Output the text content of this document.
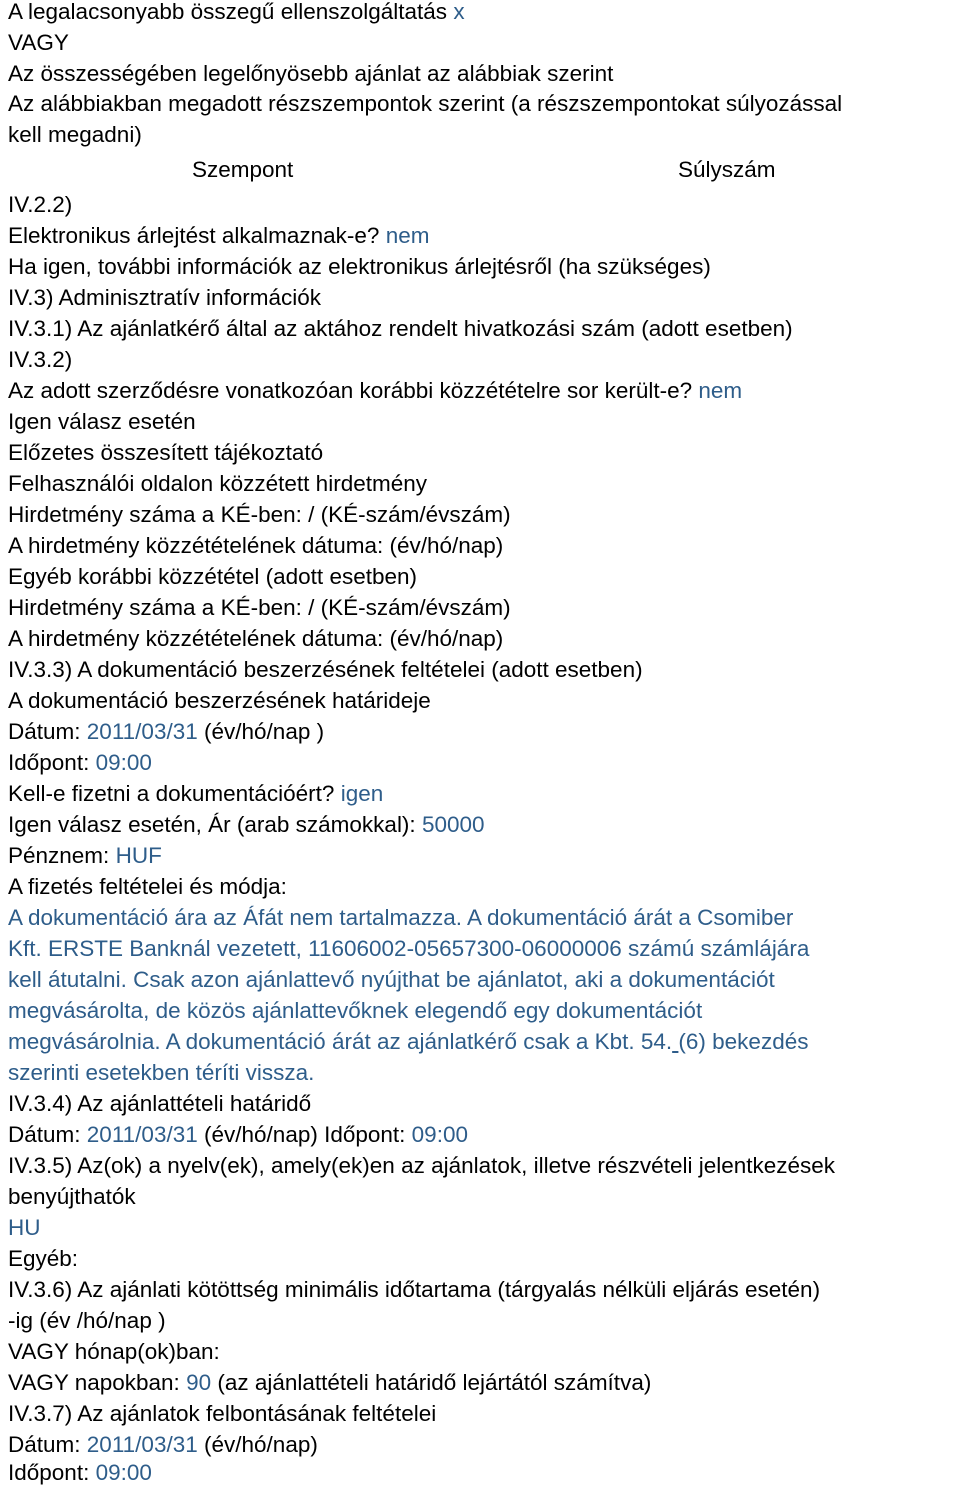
A legalacsonyabb összegű ellenszolgáltatás x
VAGY
Az összességében legelőnyösebb ajánlat az alábbiak szerint
Az alábbiakban megadott részszempontok szerint (a részszempontokat súlyozással
kell megadni)
Szempont	Súlyszám
IV.2.2)
Elektronikus árlejtést alkalmaznak-e? nem
Ha igen, további információk az elektronikus árlejtésről (ha szükséges)
IV.3) Adminisztratív információk
IV.3.1) Az ajánlatkérő által az aktához rendelt hivatkozási szám (adott esetben)
IV.3.2)
Az adott szerződésre vonatkozóan korábbi közzétételre sor került-e? nem
Igen válasz esetén
Előzetes összesített tájékoztató
Felhasználói oldalon közzétett hirdetmény
Hirdetmény száma a KÉ-ben: / (KÉ-szám/évszám)
A hirdetmény közzétételének dátuma: (év/hó/nap)
Egyéb korábbi közzététel (adott esetben)
Hirdetmény száma a KÉ-ben: / (KÉ-szám/évszám)
A hirdetmény közzétételének dátuma: (év/hó/nap)
IV.3.3) A dokumentáció beszerzésének feltételei (adott esetben)
A dokumentáció beszerzésének határideje
Dátum: 2011/03/31 (év/hó/nap )
Időpont: 09:00
Kell-e fizetni a dokumentációért? igen
Igen válasz esetén, Ár (arab számokkal): 50000
Pénznem: HUF
A fizetés feltételei és módja:
A dokumentáció ára az Áfát nem tartalmazza. A dokumentáció árát a Csomiber
Kft. ERSTE Banknál vezetett, 11606002-05657300-06000006 számú számlájára
kell átutalni. Csak azon ajánlattevő nyújthat be ajánlatot, aki a dokumentációt
megvásárolta, de közös ajánlattevőknek elegendő egy dokumentációt
megvásárolnia. A dokumentáció árát az ajánlatkérő csak a Kbt. 54. (6) bekezdés
szerinti esetekben téríti vissza.
IV.3.4) Az ajánlattételi határidő
Dátum: 2011/03/31 (év/hó/nap) Időpont: 09:00
IV.3.5) Az(ok) a nyelv(ek), amely(ek)en az ajánlatok, illetve részvételi jelentkezések
benyújthatók
HU
Egyéb:
IV.3.6) Az ajánlati kötöttség minimális időtartama (tárgyalás nélküli eljárás esetén)
-ig (év /hó/nap )
VAGY hónap(ok)ban:
VAGY napokban: 90 (az ajánlattételi határidő lejártától számítva)
IV.3.7) Az ajánlatok felbontásának feltételei
Dátum: 2011/03/31 (év/hó/nap)
Időpont: 09:00
